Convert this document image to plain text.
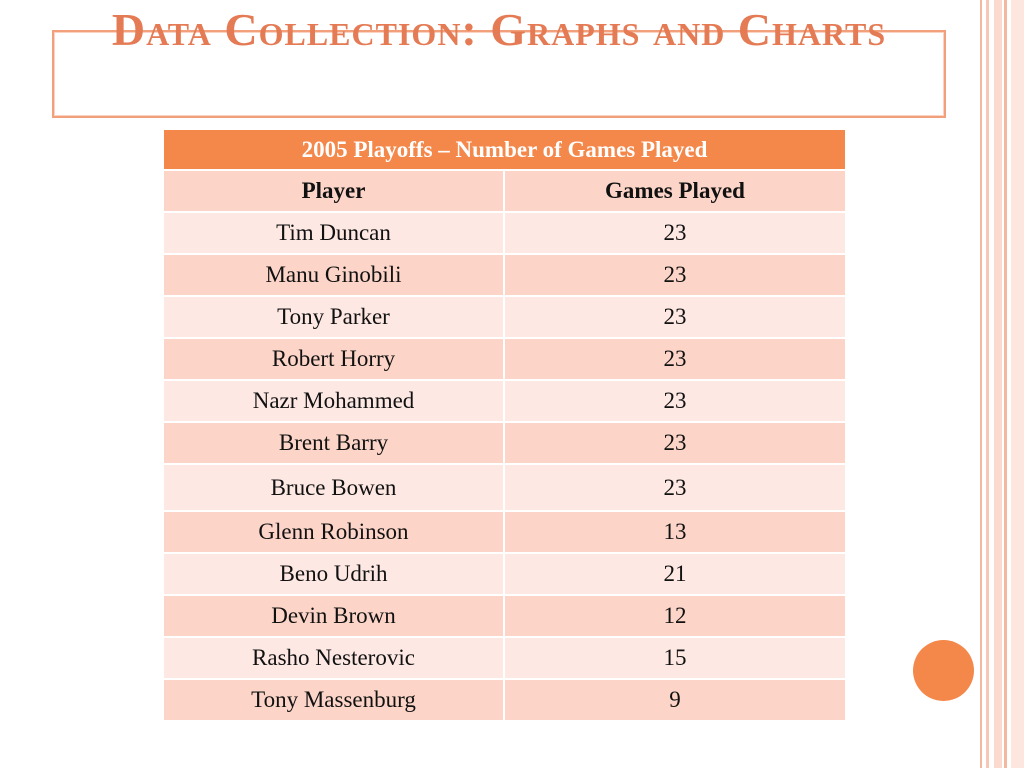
Data Collection: Graphs and Charts
2005 Playoffs – Number of Games Played	
Player	Games Played
Tim Duncan	23
Manu Ginobili	23
Tony Parker	23
Robert Horry	23
Nazr Mohammed	23
Brent Barry	23
Bruce Bowen	23
Glenn Robinson	13
Beno Udrih	21
Devin Brown	12
Rasho Nesterovic	15
Tony Massenburg	9
